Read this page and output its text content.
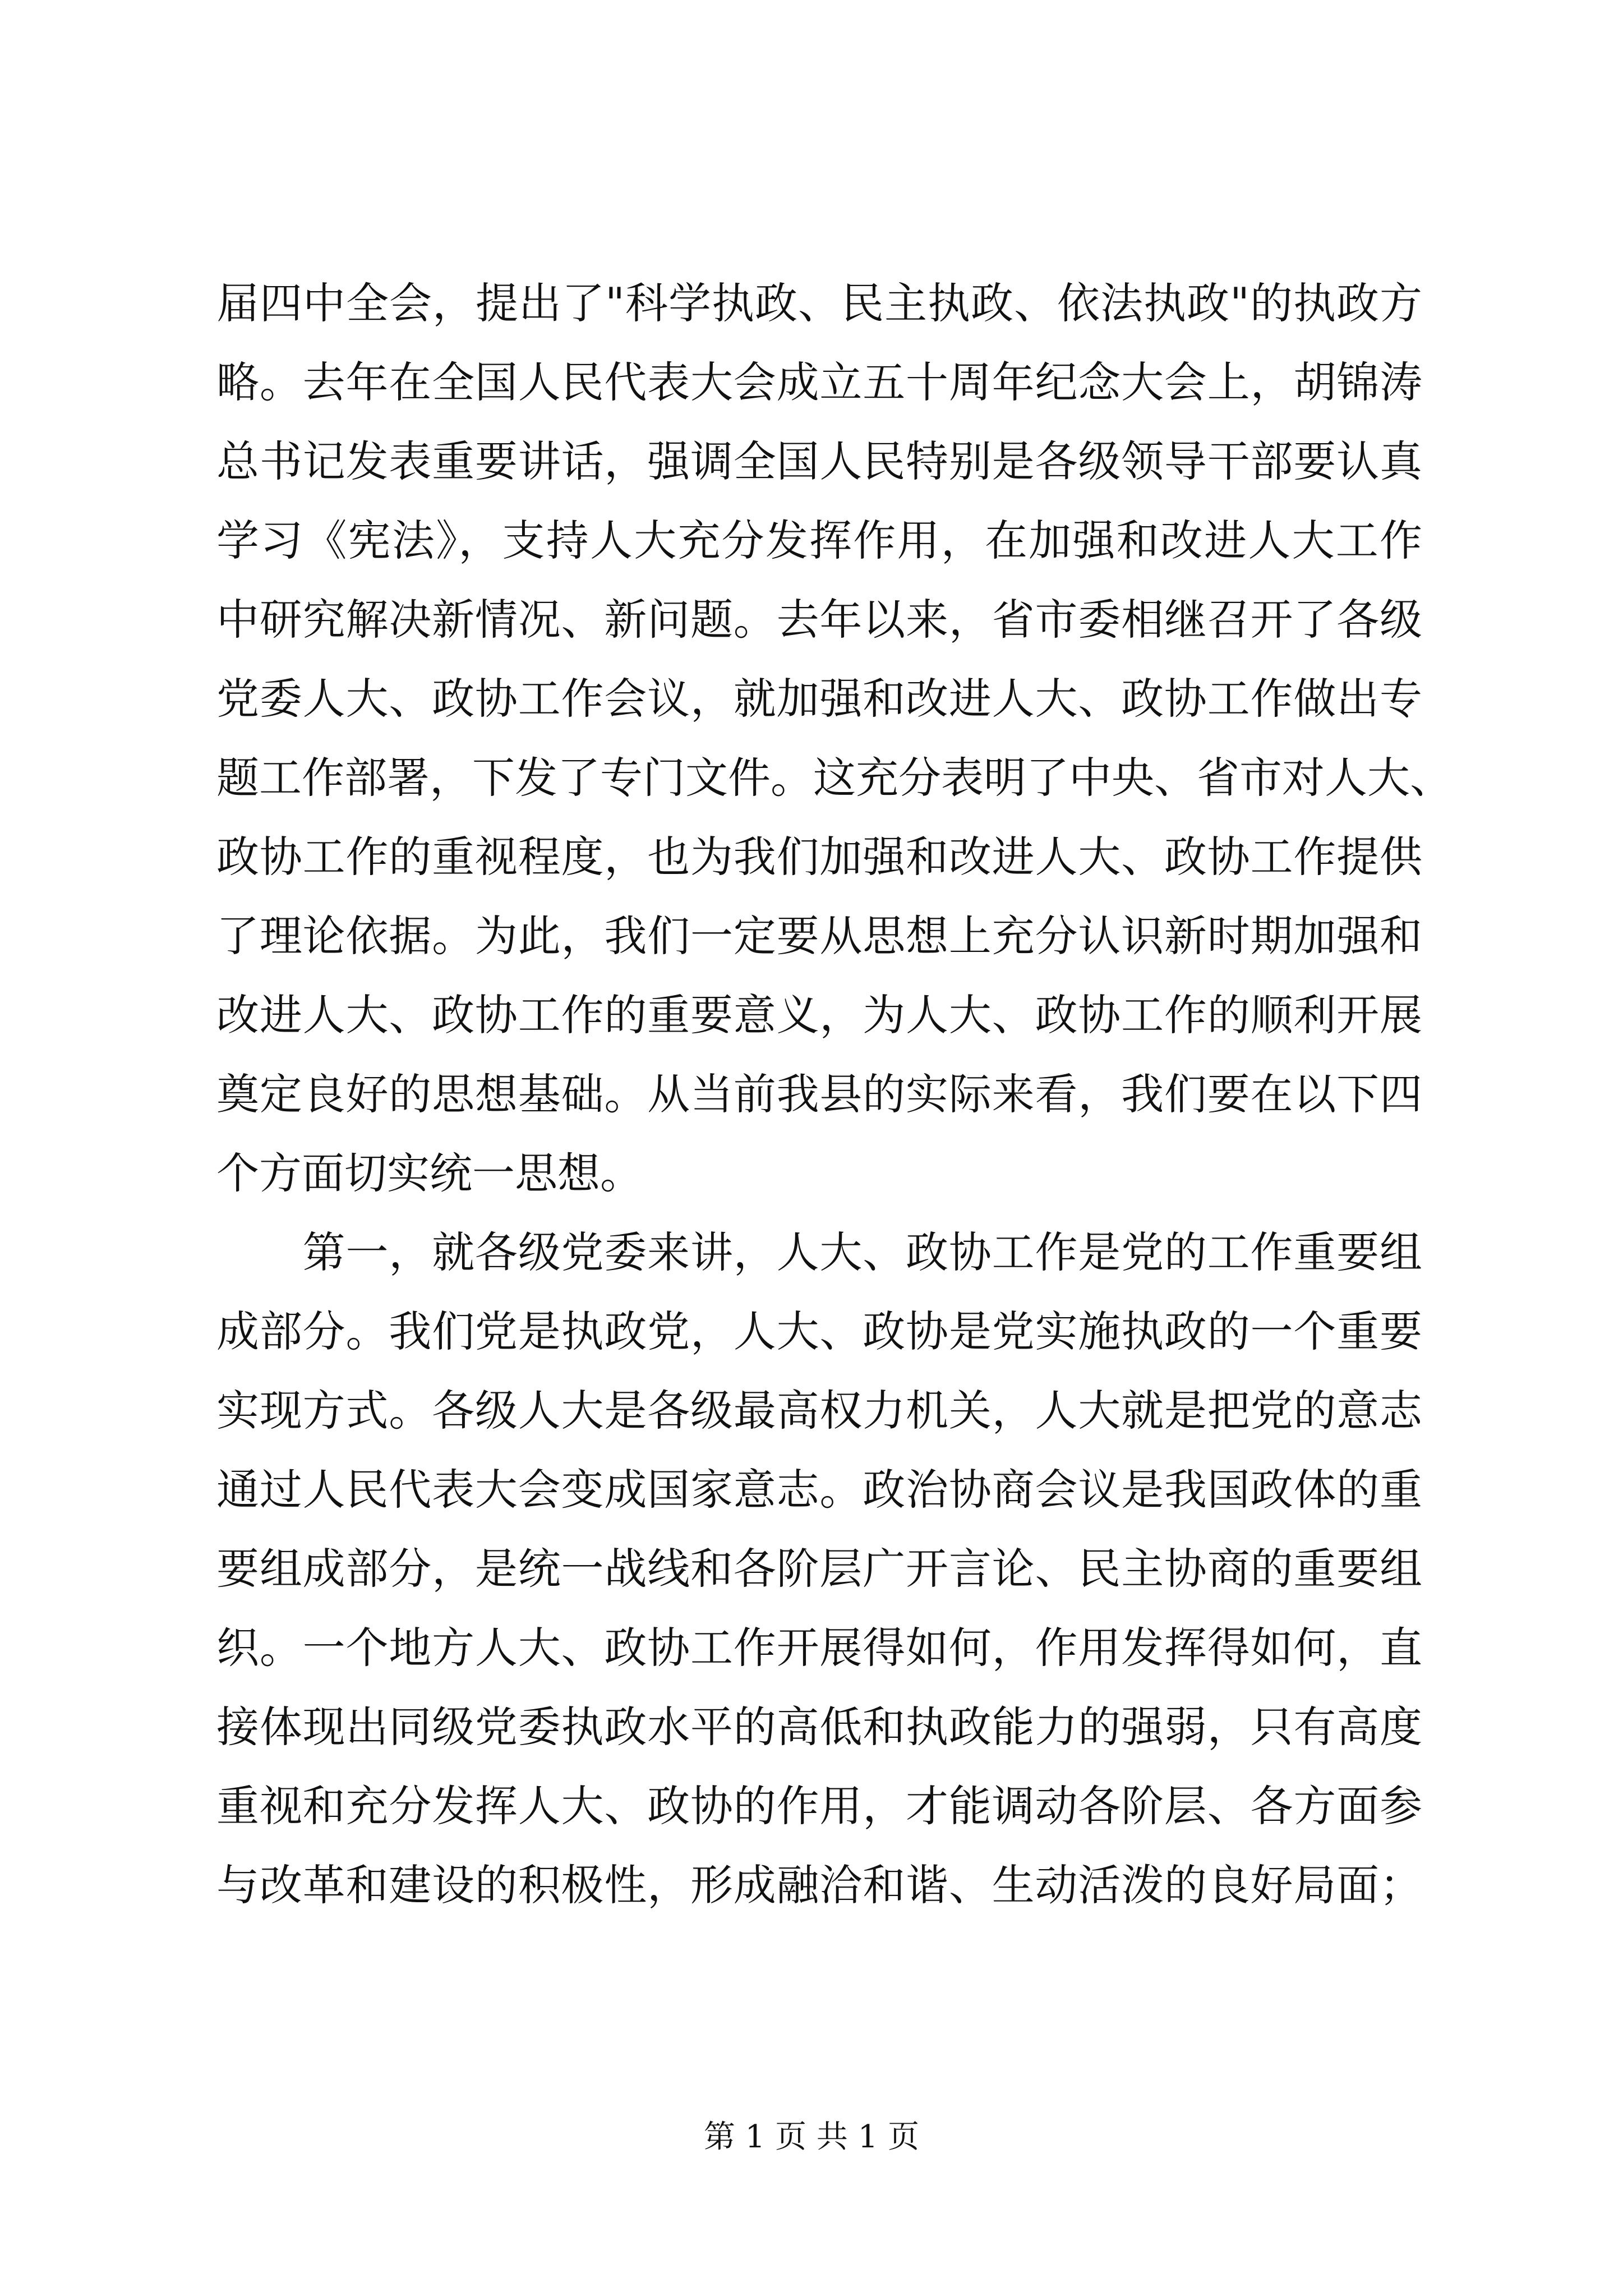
届四中全会，提出了"科学执政、民主执政、依法执政"的执政方
略。去年在全国人民代表大会成立五十周年纪念大会上，胡锦涛
总书记发表重要讲话，强调全国人民特别是各级领导干部要认真
学习《宪法》，支持人大充分发挥作用，在加强和改进人大工作
中研究解决新情况、新问题。去年以来，省市委相继召开了各级
党委人大、政协工作会议，就加强和改进人大、政协工作做出专
题工作部署，下发了专门文件。这充分表明了中央、省市对人大、
政协工作的重视程度，也为我们加强和改进人大、政协工作提供
了理论依据。为此，我们一定要从思想上充分认识新时期加强和
改进人大、政协工作的重要意义，为人大、政协工作的顺利开展
奠定良好的思想基础。从当前我县的实际来看，我们要在以下四
个方面切实统一思想。
　　第一，就各级党委来讲，人大、政协工作是党的工作重要组
成部分。我们党是执政党，人大、政协是党实施执政的一个重要
实现方式。各级人大是各级最高权力机关，人大就是把党的意志
通过人民代表大会变成国家意志。政治协商会议是我国政体的重
要组成部分，是统一战线和各阶层广开言论、民主协商的重要组
织。一个地方人大、政协工作开展得如何，作用发挥得如何，直
接体现出同级党委执政水平的高低和执政能力的强弱，只有高度
重视和充分发挥人大、政协的作用，才能调动各阶层、各方面参
与改革和建设的积极性，形成融洽和谐、生动活泼的良好局面；
第 1 页 共 1 页
